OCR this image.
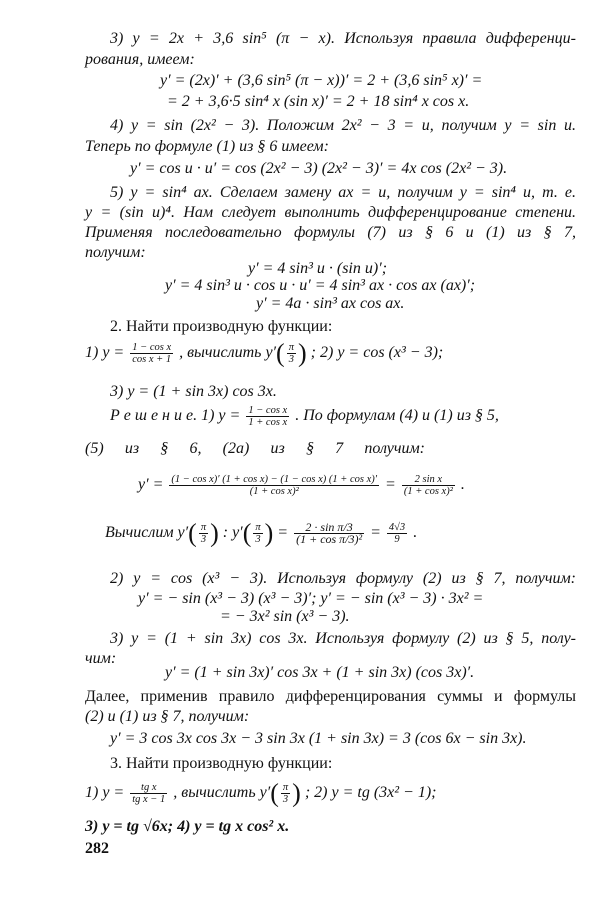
3) y = 2x + 3,6 sin⁵ (π − x). Используя правила дифференци-
рования, имеем:
y′ = (2x)′ + (3,6 sin⁵ (π − x))′ = 2 + (3,6 sin⁵ x)′ =
= 2 + 3,6·5 sin⁴ x (sin x)′ = 2 + 18 sin⁴ x cos x.
4) y = sin (2x² − 3). Положим 2x² − 3 = u, получим y = sin u.
Теперь по формуле (1) из § 6 имеем:
y′ = cos u · u′ = cos (2x² − 3) (2x² − 3)′ = 4x cos (2x² − 3).
5) y = sin⁴ ax. Сделаем замену ax = u, получим y = sin⁴ u, т. е.
y = (sin u)⁴. Нам следует выполнить дифференцирование степени.
Применяя последовательно формулы (7) из § 6 и (1) из § 7,
получим:
y′ = 4 sin³ u · (sin u)′;
y′ = 4 sin³ u · cos u · u′ = 4 sin³ ax · cos ax (ax)′;
y′ = 4a · sin³ ax cos ax.
2. Найти производную функции:
1) $y = \frac{\text{1 − cos x}}{\text{cos x + 1}}$ , вычислить $y'( \frac{\pi}{3}$ ) ; 2) y = cos (x³ − 3);
3) y = (1 + sin 3x) cos 3x.
Р е ш е н и е. 1) $y = \frac{\text{1 − cos x}}{\text{1 + cos x}}$ . По формулам (4) и (1) из § 5,
(5) из § 6, (2a) из § 7 получим:
$y' = \frac{\text{(1 − cos x)′ (1 + cos x) − (1 − cos x) (1 + cos x)′}}{\text{(1 + cos x)²}} = \frac{\text{2 sin x}}{\text{(1 + cos x)²}}$ .
Вычислим $y'( \frac{\pi}{3}$ ) : $y'( \frac{\pi}{3}$ ) = $\frac{\text{2 · sin π/3}}{\text{(1 + cos π/3)²}} = \frac{4√3}{9}$ .
2) y = cos (x³ − 3). Используя формулу (2) из § 7, получим:
y′ = − sin (x³ − 3) (x³ − 3)′; y′ = − sin (x³ − 3) · 3x² =
= − 3x² sin (x³ − 3).
3) y = (1 + sin 3x) cos 3x. Используя формулу (2) из § 5, полу-
чим:
y′ = (1 + sin 3x)′ cos 3x + (1 + sin 3x) (cos 3x)′.
Далее, применив правило дифференцирования суммы и формулы
(2) и (1) из § 7, получим:
y′ = 3 cos 3x cos 3x − 3 sin 3x (1 + sin 3x) = 3 (cos 6x − sin 3x).
3. Найти производную функции:
1) $y = \frac{\text{tg x}}{\text{tg x − 1}}$ , вычислить $y'( \frac{\pi}{3}$ ) ; 2) y = tg (3x² − 1);
3) y = tg √6x; 4) y = tg x cos² x.
282
